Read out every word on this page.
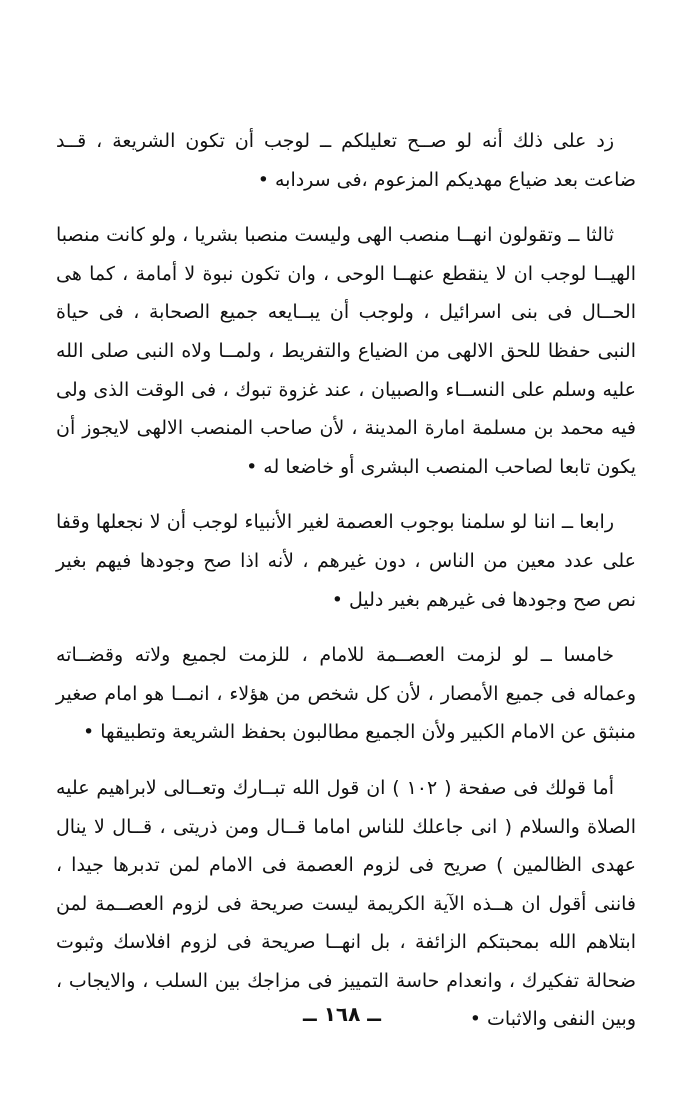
زد على ذلك أنه لو صــح تعليلكم ــ لوجب أن تكون الشريعة ، قــد ضاعت بعد ضياع مهديكم المزعوم ،فى سردابه •

ثالثا ــ وتقولون انهــا منصب الهى وليست منصبا بشريا ، ولو كانت منصبا الهيــا لوجب ان لا ينقطع عنهــا الوحى ، وان تكون نبوة لا أمامة ، كما هى الحــال فى بنى اسرائيل ، ولوجب أن يبــايعه جميع الصحابة ، فى حياة النبى حفظا للحق الالهى من الضياع والتفريط ، ولمــا ولاه النبى صلى الله عليه وسلم على النســاء والصبيان ، عند غزوة تبوك ، فى الوقت الذى ولى فيه محمد بن مسلمة امارة المدينة ، لأن صاحب المنصب الالهى لايجوز أن يكون تابعا لصاحب المنصب البشرى أو خاضعا له •

رابعا ــ اننا لو سلمنا بوجوب العصمة لغير الأنبياء لوجب أن لا نجعلها وقفا على عدد معين من الناس ، دون غيرهم ، لأنه اذا صح وجودها فيهم بغير نص صح وجودها فى غيرهم بغير دليل •

خامسا ــ لو لزمت العصــمة للامام ، للزمت لجميع ولاته وقضــاته وعماله فى جميع الأمصار ، لأن كل شخص من هؤلاء ، انمــا هو امام صغير منبثق عن الامام الكبير ولأن الجميع مطالبون بحفظ الشريعة وتطبيقها •

أما قولك فى صفحة ( ١٠٢ ) ان قول الله تبــارك وتعــالى لابراهيم عليه الصلاة والسلام ( انى جاعلك للناس اماما قــال ومن ذريتى ، قــال لا ينال عهدى الظالمين ) صريح فى لزوم العصمة فى الامام لمن تدبرها جيدا ، فاننى أقول ان هــذه الآية الكريمة ليست صريحة فى لزوم العصــمة لمن ابتلاهم الله بمحبتكم الزائفة ، بل انهــا صريحة فى لزوم افلاسك وثبوت ضحالة تفكيرك ، وانعدام حاسة التمييز فى مزاجك بين السلب ، والايجاب ، وبين النفى والاثبات •

ــ ١٦٨ ــ
